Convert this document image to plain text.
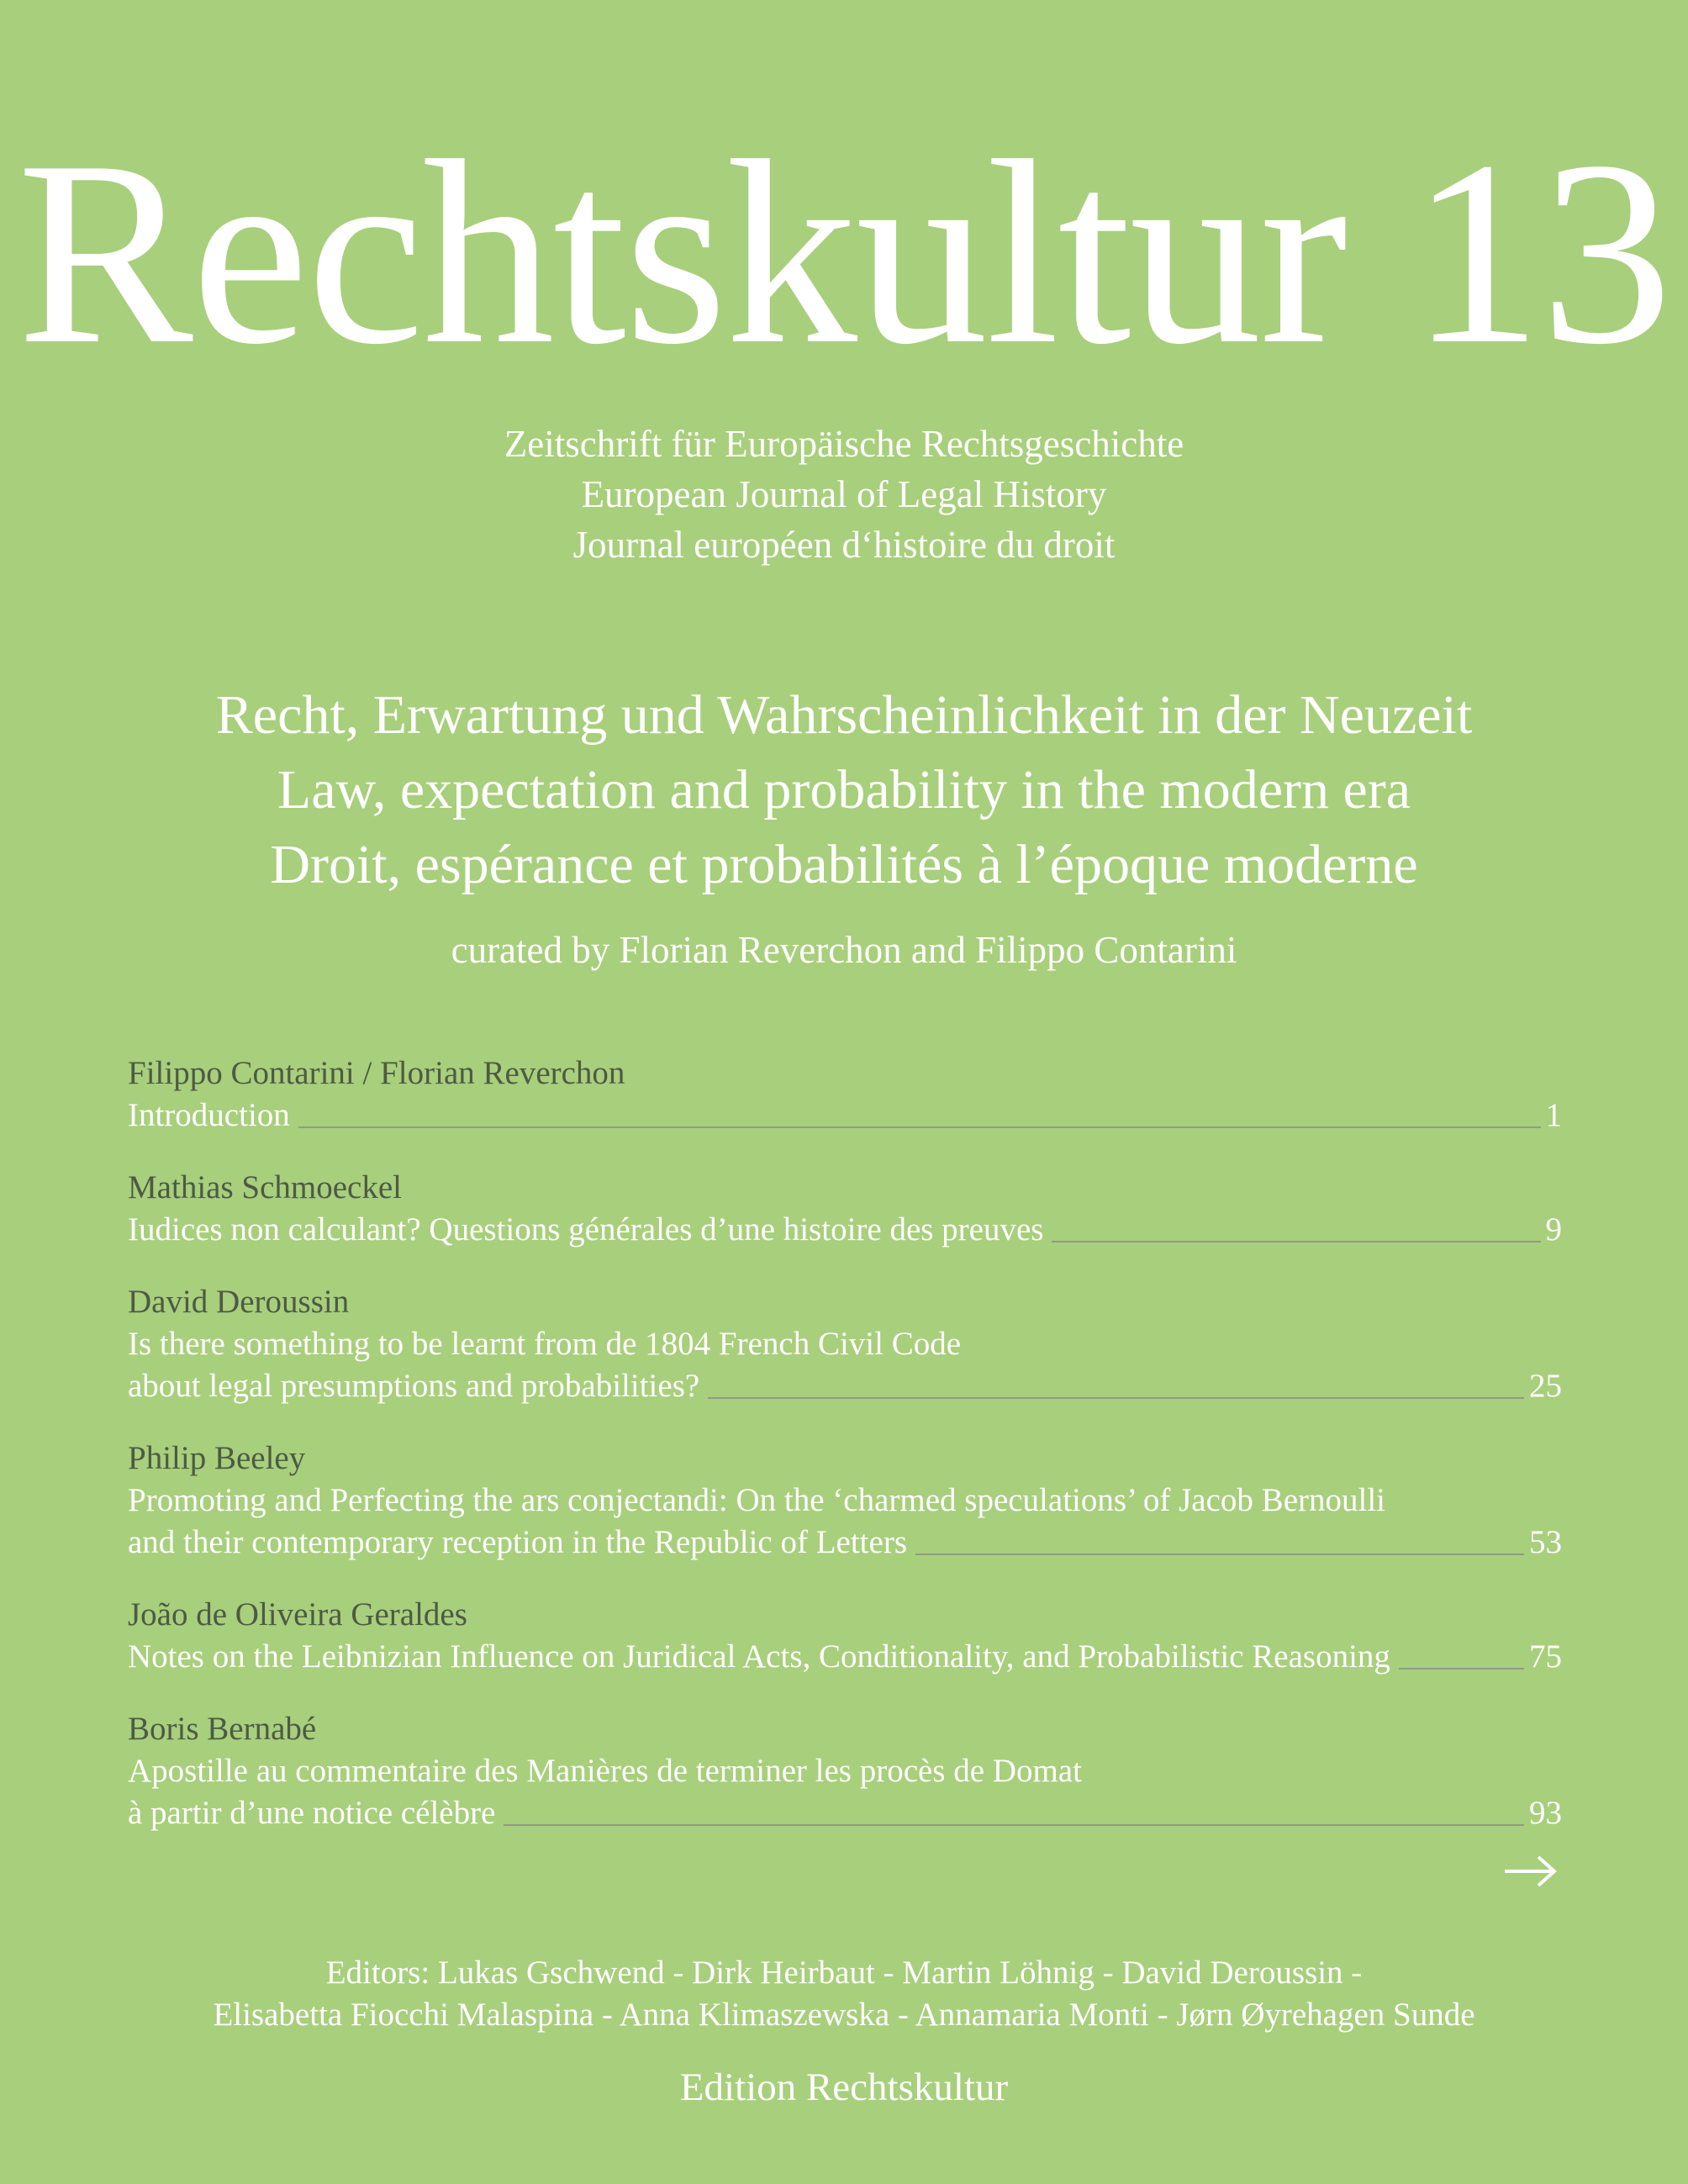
Rechtskultur 13
Zeitschrift für Europäische Rechtsgeschichte
European Journal of Legal History
Journal européen d‘histoire du droit
Recht, Erwartung und Wahrscheinlichkeit in der Neuzeit
Law, expectation and probability in the modern era
Droit, espérance et probabilités à l’époque moderne
curated by Florian Reverchon and Filippo Contarini
Filippo Contarini / Florian Reverchon
Introduction	1
Mathias Schmoeckel
Iudices non calculant? Questions générales d’une histoire des preuves	9
David Deroussin
Is there something to be learnt from de 1804 French Civil Code
about legal presumptions and probabilities?	25
Philip Beeley
Promoting and Perfecting the ars conjectandi: On the ‘charmed speculations’ of Jacob Bernoulli
and their contemporary reception in the Republic of Letters	53
João de Oliveira Geraldes
Notes on the Leibnizian Influence on Juridical Acts, Conditionality, and Probabilistic Reasoning	75
Boris Bernabé
Apostille au commentaire des Manières de terminer les procès de Domat
à partir d’une notice célèbre	93
Editors: Lukas Gschwend - Dirk Heirbaut - Martin Löhnig - David Deroussin -
Elisabetta Fiocchi Malaspina - Anna Klimaszewska - Annamaria Monti - Jørn Øyrehagen Sunde
Edition Rechtskultur
